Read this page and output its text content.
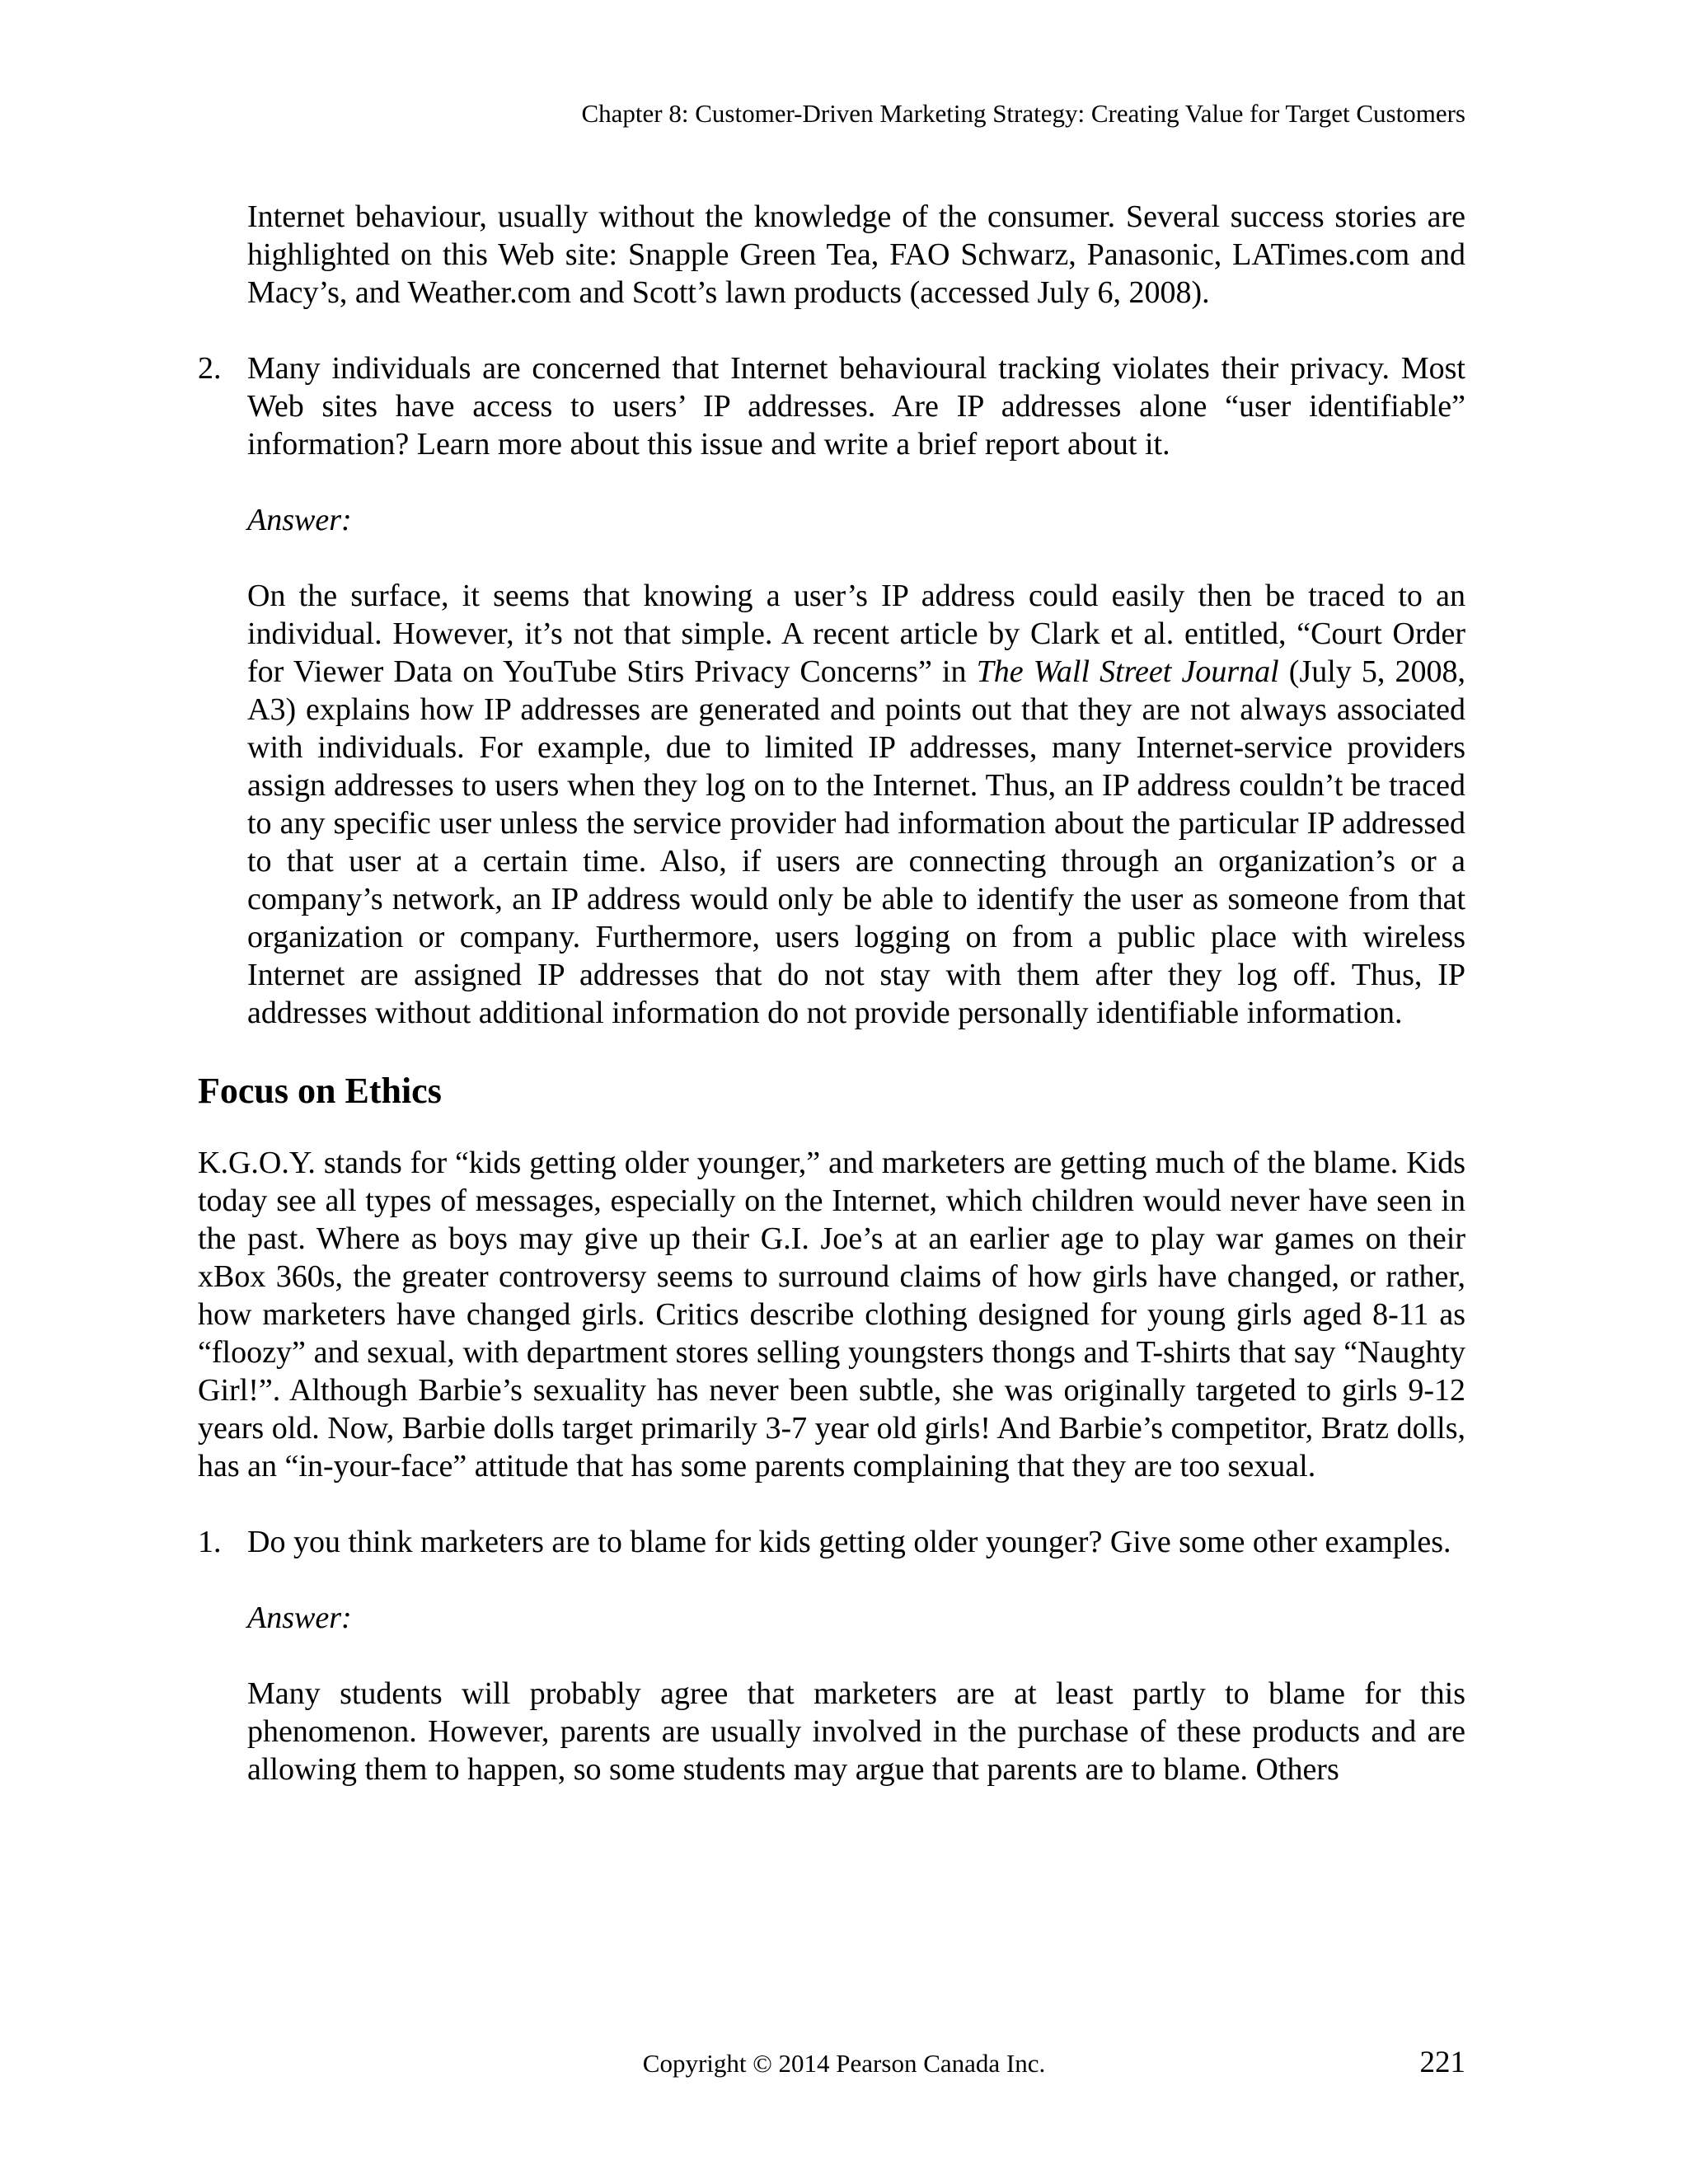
Chapter 8: Customer-Driven Marketing Strategy: Creating Value for Target Customers

Internet behaviour, usually without the knowledge of the consumer. Several success stories are highlighted on this Web site: Snapple Green Tea, FAO Schwarz, Panasonic, LATimes.com and Macy’s, and Weather.com and Scott’s lawn products (accessed July 6, 2008).

2. Many individuals are concerned that Internet behavioural tracking violates their privacy. Most Web sites have access to users’ IP addresses. Are IP addresses alone “user identifiable” information? Learn more about this issue and write a brief report about it.

Answer:

On the surface, it seems that knowing a user’s IP address could easily then be traced to an individual. However, it’s not that simple. A recent article by Clark et al. entitled, “Court Order for Viewer Data on YouTube Stirs Privacy Concerns” in The Wall Street Journal (July 5, 2008, A3) explains how IP addresses are generated and points out that they are not always associated with individuals. For example, due to limited IP addresses, many Internet-service providers assign addresses to users when they log on to the Internet. Thus, an IP address couldn’t be traced to any specific user unless the service provider had information about the particular IP addressed to that user at a certain time. Also, if users are connecting through an organization’s or a company’s network, an IP address would only be able to identify the user as someone from that organization or company. Furthermore, users logging on from a public place with wireless Internet are assigned IP addresses that do not stay with them after they log off. Thus, IP addresses without additional information do not provide personally identifiable information.

Focus on Ethics

K.G.O.Y. stands for “kids getting older younger,” and marketers are getting much of the blame. Kids today see all types of messages, especially on the Internet, which children would never have seen in the past. Where as boys may give up their G.I. Joe’s at an earlier age to play war games on their xBox 360s, the greater controversy seems to surround claims of how girls have changed, or rather, how marketers have changed girls. Critics describe clothing designed for young girls aged 8-11 as “floozy” and sexual, with department stores selling youngsters thongs and T-shirts that say “Naughty Girl!”. Although Barbie’s sexuality has never been subtle, she was originally targeted to girls 9-12 years old. Now, Barbie dolls target primarily 3-7 year old girls! And Barbie’s competitor, Bratz dolls, has an “in-your-face” attitude that has some parents complaining that they are too sexual.

1. Do you think marketers are to blame for kids getting older younger? Give some other examples.

Answer:

Many students will probably agree that marketers are at least partly to blame for this phenomenon. However, parents are usually involved in the purchase of these products and are allowing them to happen, so some students may argue that parents are to blame. Others

Copyright © 2014 Pearson Canada Inc.	221
